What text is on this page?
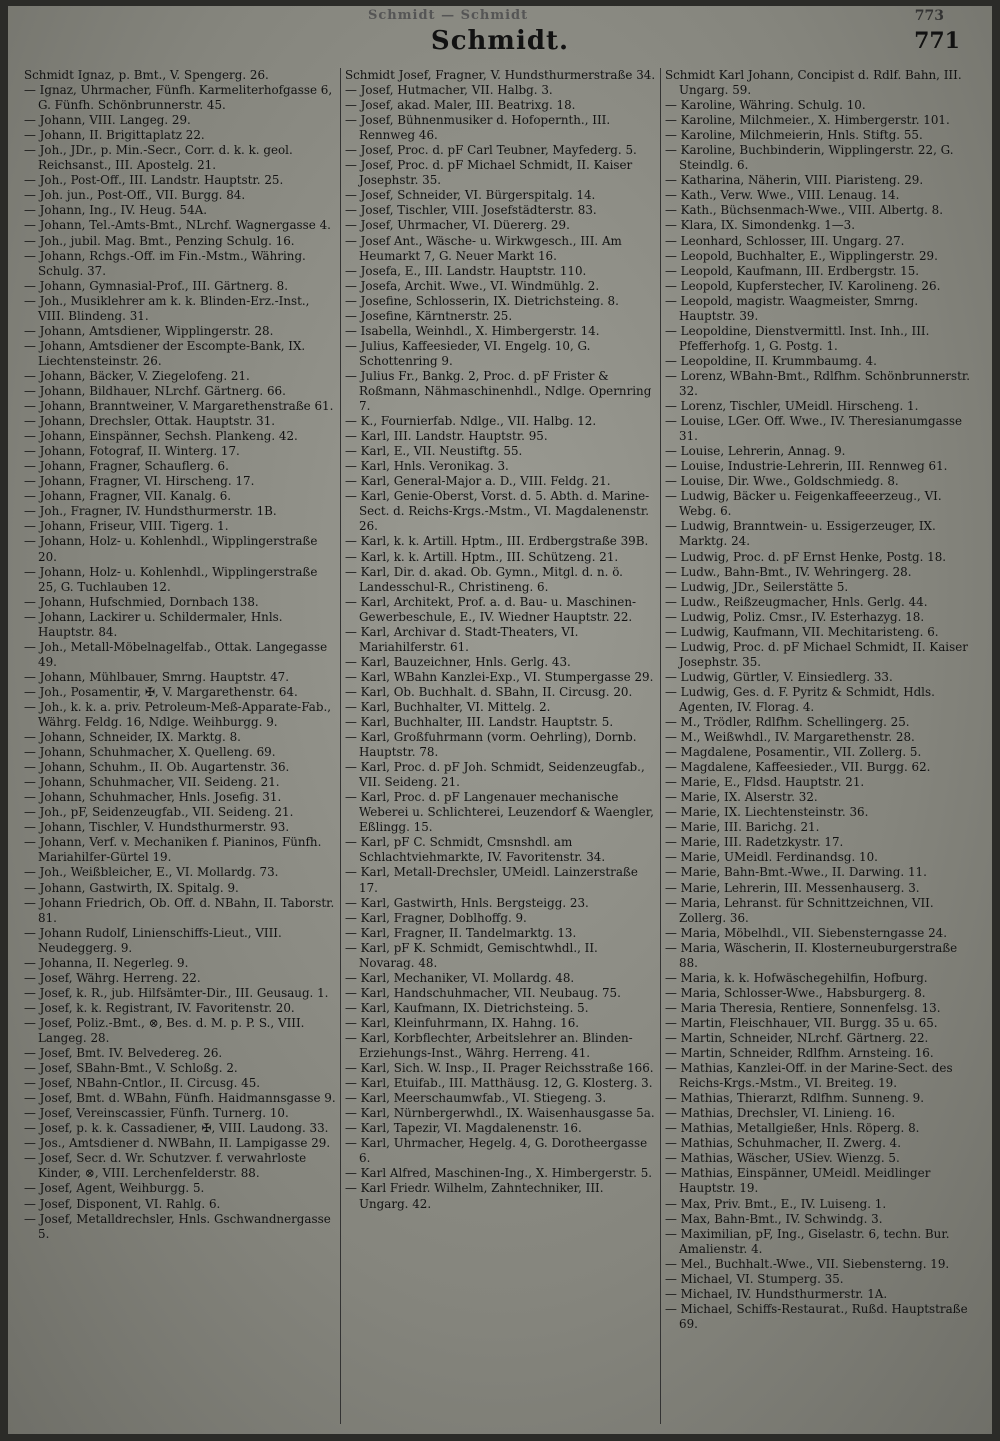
Schmidt — Schmidt	773
Schmidt.	771

Schmidt Ignaz, p. Bmt., V. Spengerg. 26.

— Ignaz, Uhrmacher, Fünfh. Karmeliterhofgasse 6, G. Fünfh. Schönbrunnerstr. 45.

— Johann, VIII. Langeg. 29.

— Johann, II. Brigittaplatz 22.

— Joh., JDr., p. Min.-Secr., Corr. d. k. k. geol. Reichsanst., III. Apostelg. 21.

— Joh., Post-Off., III. Landstr. Hauptstr. 25.

— Joh. jun., Post-Off., VII. Burgg. 84.

— Johann, Ing., IV. Heug. 54A.

— Johann, Tel.-Amts-Bmt., NLrchf. Wagnergasse 4.

— Joh., jubil. Mag. Bmt., Penzing Schulg. 16.

— Johann, Rchgs.-Off. im Fin.-Mstm., Währing. Schulg. 37.

— Johann, Gymnasial-Prof., III. Gärtnerg. 8.

— Joh., Musiklehrer am k. k. Blinden-Erz.-Inst., VIII. Blindeng. 31.

— Johann, Amtsdiener, Wipplingerstr. 28.

— Johann, Amtsdiener der Escompte-Bank, IX. Liechtensteinstr. 26.

— Johann, Bäcker, V. Ziegelofeng. 21.

— Johann, Bildhauer, NLrchf. Gärtnerg. 66.

— Johann, Branntweiner, V. Margarethenstraße 61.

— Johann, Drechsler, Ottak. Hauptstr. 31.

— Johann, Einspänner, Sechsh. Plankeng. 42.

— Johann, Fotograf, II. Winterg. 17.

— Johann, Fragner, Schauflerg. 6.

— Johann, Fragner, VI. Hirscheng. 17.

— Johann, Fragner, VII. Kanalg. 6.

— Joh., Fragner, IV. Hundsthurmerstr. 1B.

— Johann, Friseur, VIII. Tigerg. 1.

— Johann, Holz- u. Kohlenhdl., Wipplingerstraße 20.

— Johann, Holz- u. Kohlenhdl., Wipplingerstraße 25, G. Tuchlauben 12.

— Johann, Hufschmied, Dornbach 138.

— Johann, Lackirer u. Schildermaler, Hnls. Hauptstr. 84.

— Joh., Metall-Möbelnagelfab., Ottak. Langegasse 49.

— Johann, Mühlbauer, Smrng. Hauptstr. 47.

— Joh., Posamentir, ✠, V. Margarethenstr. 64.

— Joh., k. k. a. priv. Petroleum-Meß-Apparate-Fab., Währg. Feldg. 16, Ndlge. Weihburgg. 9.

— Johann, Schneider, IX. Marktg. 8.

— Johann, Schuhmacher, X. Quelleng. 69.

— Johann, Schuhm., II. Ob. Augartenstr. 36.

— Johann, Schuhmacher, VII. Seideng. 21.

— Johann, Schuhmacher, Hnls. Josefig. 31.

— Joh., pF, Seidenzeugfab., VII. Seideng. 21.

— Johann, Tischler, V. Hundsthurmerstr. 93.

— Johann, Verf. v. Mechaniken f. Pianinos, Fünfh. Mariahilfer-Gürtel 19.

— Joh., Weißbleicher, E., VI. Mollardg. 73.

— Johann, Gastwirth, IX. Spitalg. 9.

— Johann Friedrich, Ob. Off. d. NBahn, II. Taborstr. 81.

— Johann Rudolf, Linienschiffs-Lieut., VIII. Neudeggerg. 9.

— Johanna, II. Negerleg. 9.

— Josef, Währg. Herreng. 22.

— Josef, k. R., jub. Hilfsämter-Dir., III. Geusaug. 1.

— Josef, k. k. Registrant, IV. Favoritenstr. 20.

— Josef, Poliz.-Bmt., ⊗, Bes. d. M. p. P. S., VIII. Langeg. 28.

— Josef, Bmt. IV. Belvedereg. 26.

— Josef, SBahn-Bmt., V. Schloßg. 2.

— Josef, NBahn-Cntlor., II. Circusg. 45.

— Josef, Bmt. d. WBahn, Fünfh. Haidmannsgasse 9.

— Josef, Vereinscassier, Fünfh. Turnerg. 10.

— Josef, p. k. k. Cassadiener, ✠, VIII. Laudong. 33.

— Jos., Amtsdiener d. NWBahn, II. Lampigasse 29.

— Josef, Secr. d. Wr. Schutzver. f. verwahrloste Kinder, ⊗, VIII. Lerchenfelderstr. 88.

— Josef, Agent, Weihburgg. 5.

— Josef, Disponent, VI. Rahlg. 6.

— Josef, Metalldrechsler, Hnls. Gschwandnergasse 5.

Schmidt Josef, Fragner, V. Hundsthurmerstraße 34.

— Josef, Hutmacher, VII. Halbg. 3.

— Josef, akad. Maler, III. Beatrixg. 18.

— Josef, Bühnenmusiker d. Hofopernth., III. Rennweg 46.

— Josef, Proc. d. pF Carl Teubner, Mayfederg. 5.

— Josef, Proc. d. pF Michael Schmidt, II. Kaiser Josephstr. 35.

— Josef, Schneider, VI. Bürgerspitalg. 14.

— Josef, Tischler, VIII. Josefstädterstr. 83.

— Josef, Uhrmacher, VI. Düererg. 29.

— Josef Ant., Wäsche- u. Wirkwgesch., III. Am Heumarkt 7, G. Neuer Markt 16.

— Josefa, E., III. Landstr. Hauptstr. 110.

— Josefa, Archit. Wwe., VI. Windmühlg. 2.

— Josefine, Schlosserin, IX. Dietrichsteing. 8.

— Josefine, Kärntnerstr. 25.

— Isabella, Weinhdl., X. Himbergerstr. 14.

— Julius, Kaffeesieder, VI. Engelg. 10, G. Schottenring 9.

— Julius Fr., Bankg. 2, Proc. d. pF Frister & Roßmann, Nähmaschinenhdl., Ndlge. Opernring 7.

— K., Fournierfab. Ndlge., VII. Halbg. 12.

— Karl, III. Landstr. Hauptstr. 95.

— Karl, E., VII. Neustiftg. 55.

— Karl, Hnls. Veronikag. 3.

— Karl, General-Major a. D., VIII. Feldg. 21.

— Karl, Genie-Oberst, Vorst. d. 5. Abth. d. Marine-Sect. d. Reichs-Krgs.-Mstm., VI. Magdalenenstr. 26.

— Karl, k. k. Artill. Hptm., III. Erdbergstraße 39B.

— Karl, k. k. Artill. Hptm., III. Schützeng. 21.

— Karl, Dir. d. akad. Ob. Gymn., Mitgl. d. n. ö. Landesschul-R., Christineng. 6.

— Karl, Architekt, Prof. a. d. Bau- u. Maschinen-Gewerbeschule, E., IV. Wiedner Hauptstr. 22.

— Karl, Archivar d. Stadt-Theaters, VI. Mariahilferstr. 61.

— Karl, Bauzeichner, Hnls. Gerlg. 43.

— Karl, WBahn Kanzlei-Exp., VI. Stumpergasse 29.

— Karl, Ob. Buchhalt. d. SBahn, II. Circusg. 20.

— Karl, Buchhalter, VI. Mittelg. 2.

— Karl, Buchhalter, III. Landstr. Hauptstr. 5.

— Karl, Großfuhrmann (vorm. Oehrling), Dornb. Hauptstr. 78.

— Karl, Proc. d. pF Joh. Schmidt, Seidenzeugfab., VII. Seideng. 21.

— Karl, Proc. d. pF Langenauer mechanische Weberei u. Schlichterei, Leuzendorf & Waengler, Eßlingg. 15.

— Karl, pF C. Schmidt, Cmsnshdl. am Schlachtviehmarkte, IV. Favoritenstr. 34.

— Karl, Metall-Drechsler, UMeidl. Lainzerstraße 17.

— Karl, Gastwirth, Hnls. Bergsteigg. 23.

— Karl, Fragner, Doblhoffg. 9.

— Karl, Fragner, II. Tandelmarktg. 13.

— Karl, pF K. Schmidt, Gemischtwhdl., II. Novarag. 48.

— Karl, Mechaniker, VI. Mollardg. 48.

— Karl, Handschuhmacher, VII. Neubaug. 75.

— Karl, Kaufmann, IX. Dietrichsteing. 5.

— Karl, Kleinfuhrmann, IX. Hahng. 16.

— Karl, Korbflechter, Arbeitslehrer an. Blinden-Erziehungs-Inst., Währg. Herreng. 41.

— Karl, Sich. W. Insp., II. Prager Reichsstraße 166.

— Karl, Etuifab., III. Matthäusg. 12, G. Klosterg. 3.

— Karl, Meerschaumwfab., VI. Stiegeng. 3.

— Karl, Nürnbergerwhdl., IX. Waisenhausgasse 5a.

— Karl, Tapezir, VI. Magdalenenstr. 16.

— Karl, Uhrmacher, Hegelg. 4, G. Dorotheergasse 6.

— Karl Alfred, Maschinen-Ing., X. Himbergerstr. 5.

— Karl Friedr. Wilhelm, Zahntechniker, III. Ungarg. 42.

Schmidt Karl Johann, Concipist d. Rdlf. Bahn, III. Ungarg. 59.

— Karoline, Währing. Schulg. 10.

— Karoline, Milchmeier., X. Himbergerstr. 101.

— Karoline, Milchmeierin, Hnls. Stiftg. 55.

— Karoline, Buchbinderin, Wipplingerstr. 22, G. Steindlg. 6.

— Katharina, Näherin, VIII. Piaristeng. 29.

— Kath., Verw. Wwe., VIII. Lenaug. 14.

— Kath., Büchsenmach-Wwe., VIII. Albertg. 8.

— Klara, IX. Simondenkg. 1—3.

— Leonhard, Schlosser, III. Ungarg. 27.

— Leopold, Buchhalter, E., Wipplingerstr. 29.

— Leopold, Kaufmann, III. Erdbergstr. 15.

— Leopold, Kupferstecher, IV. Karolineng. 26.

— Leopold, magistr. Waagmeister, Smrng. Hauptstr. 39.

— Leopoldine, Dienstvermittl. Inst. Inh., III. Pfefferhofg. 1, G. Postg. 1.

— Leopoldine, II. Krummbaumg. 4.

— Lorenz, WBahn-Bmt., Rdlfhm. Schönbrunnerstr. 32.

— Lorenz, Tischler, UMeidl. Hirscheng. 1.

— Louise, LGer. Off. Wwe., IV. Theresianumgasse 31.

— Louise, Lehrerin, Annag. 9.

— Louise, Industrie-Lehrerin, III. Rennweg 61.

— Louise, Dir. Wwe., Goldschmiedg. 8.

— Ludwig, Bäcker u. Feigenkaffeeerzeug., VI. Webg. 6.

— Ludwig, Branntwein- u. Essigerzeuger, IX. Marktg. 24.

— Ludwig, Proc. d. pF Ernst Henke, Postg. 18.

— Ludw., Bahn-Bmt., IV. Wehringerg. 28.

— Ludwig, JDr., Seilerstätte 5.

— Ludw., Reißzeugmacher, Hnls. Gerlg. 44.

— Ludwig, Poliz. Cmsr., IV. Esterhazyg. 18.

— Ludwig, Kaufmann, VII. Mechitaristeng. 6.

— Ludwig, Proc. d. pF Michael Schmidt, II. Kaiser Josephstr. 35.

— Ludwig, Gürtler, V. Einsiedlerg. 33.

— Ludwig, Ges. d. F. Pyritz & Schmidt, Hdls. Agenten, IV. Florag. 4.

— M., Trödler, Rdlfhm. Schellingerg. 25.

— M., Weißwhdl., IV. Margarethenstr. 28.

— Magdalene, Posamentir., VII. Zollerg. 5.

— Magdalene, Kaffeesieder., VII. Burgg. 62.

— Marie, E., Fldsd. Hauptstr. 21.

— Marie, IX. Alserstr. 32.

— Marie, IX. Liechtensteinstr. 36.

— Marie, III. Barichg. 21.

— Marie, III. Radetzkystr. 17.

— Marie, UMeidl. Ferdinandsg. 10.

— Marie, Bahn-Bmt.-Wwe., II. Darwing. 11.

— Marie, Lehrerin, III. Messenhauserg. 3.

— Maria, Lehranst. für Schnittzeichnen, VII. Zollerg. 36.

— Maria, Möbelhdl., VII. Siebensterngasse 24.

— Maria, Wäscherin, II. Klosterneuburgerstraße 88.

— Maria, k. k. Hofwäschegehilfin, Hofburg.

— Maria, Schlosser-Wwe., Habsburgerg. 8.

— Maria Theresia, Rentiere, Sonnenfelsg. 13.

— Martin, Fleischhauer, VII. Burgg. 35 u. 65.

— Martin, Schneider, NLrchf. Gärtnerg. 22.

— Martin, Schneider, Rdlfhm. Arnsteing. 16.

— Mathias, Kanzlei-Off. in der Marine-Sect. des Reichs-Krgs.-Mstm., VI. Breiteg. 19.

— Mathias, Thierarzt, Rdlfhm. Sunneng. 9.

— Mathias, Drechsler, VI. Linieng. 16.

— Mathias, Metallgießer, Hnls. Röperg. 8.

— Mathias, Schuhmacher, II. Zwerg. 4.

— Mathias, Wäscher, USiev. Wienzg. 5.

— Mathias, Einspänner, UMeidl. Meidlinger Hauptstr. 19.

— Max, Priv. Bmt., E., IV. Luiseng. 1.

— Max, Bahn-Bmt., IV. Schwindg. 3.

— Maximilian, pF, Ing., Giselastr. 6, techn. Bur. Amalienstr. 4.

— Mel., Buchhalt.-Wwe., VII. Siebensterng. 19.

— Michael, VI. Stumperg. 35.

— Michael, IV. Hundsthurmerstr. 1A.

— Michael, Schiffs-Restaurat., Rußd. Hauptstraße 69.
